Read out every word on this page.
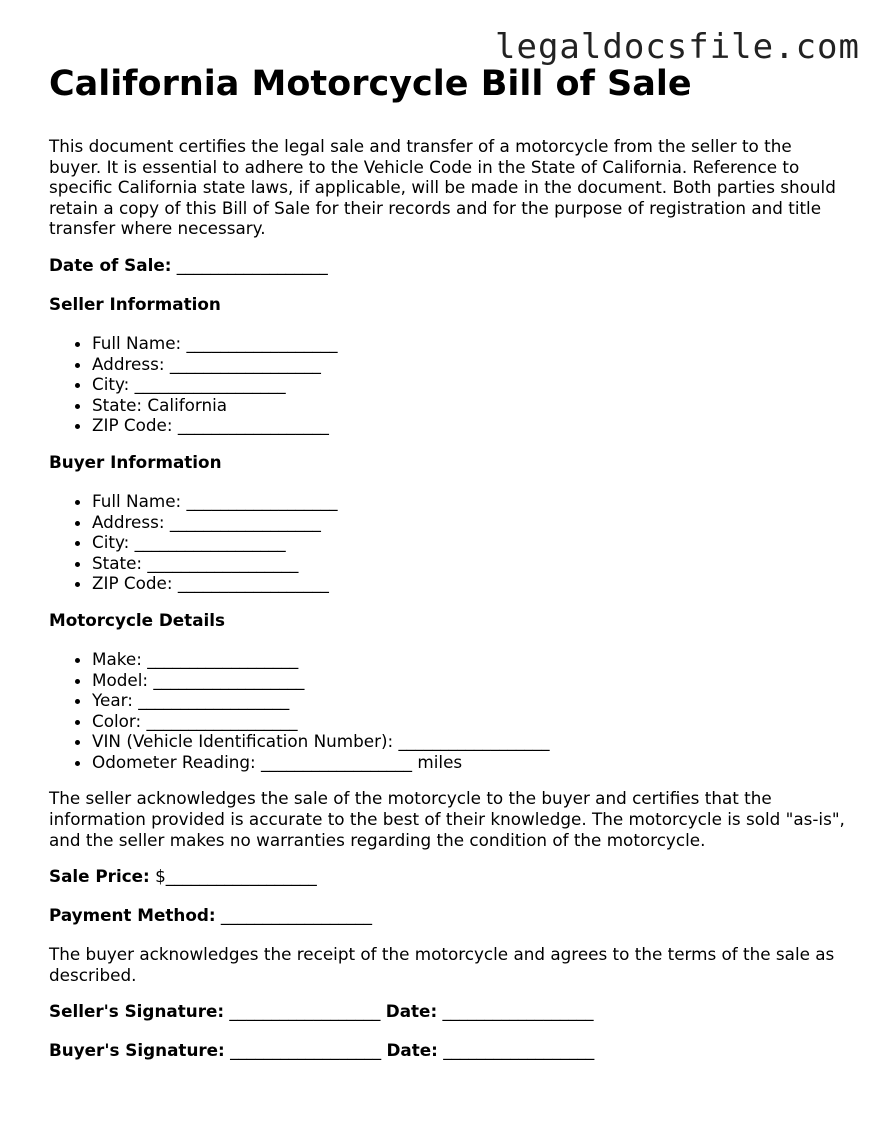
legaldocsfile.com
California Motorcycle Bill of Sale

This document certifies the legal sale and transfer of a motorcycle from the seller to the buyer. It is essential to adhere to the Vehicle Code in the State of California. Reference to specific California state laws, if applicable, will be made in the document. Both parties should retain a copy of this Bill of Sale for their records and for the purpose of registration and title transfer where necessary.

Date of Sale: __________________
Seller Information
• Full Name: __________________
• Address: __________________
• City: __________________
• State: California
• ZIP Code: __________________
Buyer Information
• Full Name: __________________
• Address: __________________
• City: __________________
• State: __________________
• ZIP Code: __________________
Motorcycle Details
• Make: __________________
• Model: __________________
• Year: __________________
• Color: __________________
• VIN (Vehicle Identification Number): __________________
• Odometer Reading: __________________ miles

The seller acknowledges the sale of the motorcycle to the buyer and certifies that the information provided is accurate to the best of their knowledge. The motorcycle is sold "as-is", and the seller makes no warranties regarding the condition of the motorcycle.

Sale Price: $__________________
Payment Method: __________________

The buyer acknowledges the receipt of the motorcycle and agrees to the terms of the sale as described.

Seller's Signature: __________________ Date: __________________
Buyer's Signature: __________________ Date: __________________
